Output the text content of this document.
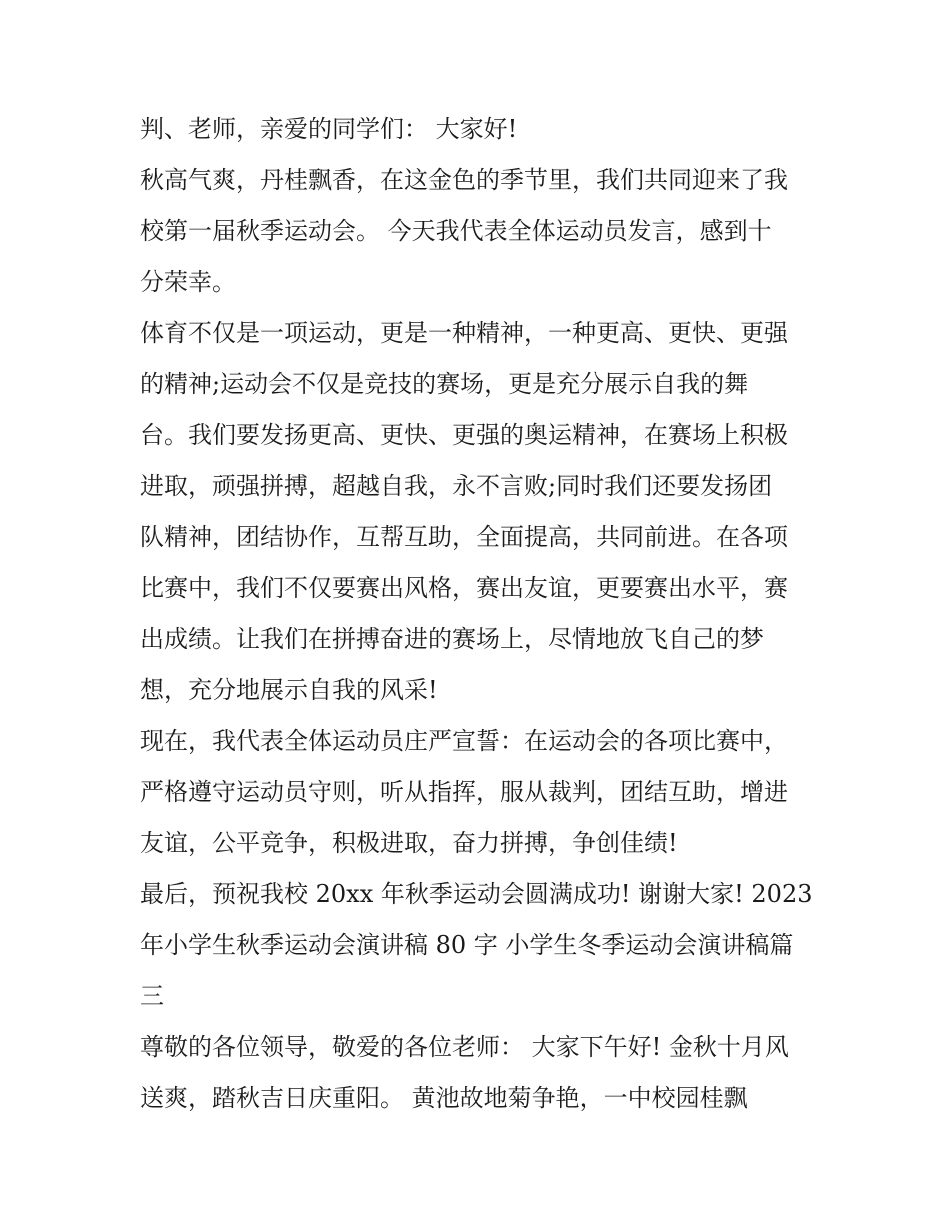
判、老师，亲爱的同学们： 大家好!
秋高气爽，丹桂飘香，在这金色的季节里，我们共同迎来了我
校第一届秋季运动会。 今天我代表全体运动员发言，感到十
分荣幸。
体育不仅是一项运动，更是一种精神，一种更高、更快、更强
的精神;运动会不仅是竞技的赛场，更是充分展示自我的舞
台。我们要发扬更高、更快、更强的奥运精神，在赛场上积极
进取，顽强拼搏，超越自我，永不言败;同时我们还要发扬团
队精神，团结协作，互帮互助，全面提高，共同前进。在各项
比赛中，我们不仅要赛出风格，赛出友谊，更要赛出水平，赛
出成绩。让我们在拼搏奋进的赛场上，尽情地放飞自己的梦
想，充分地展示自我的风采!
现在，我代表全体运动员庄严宣誓：在运动会的各项比赛中，
严格遵守运动员守则，听从指挥，服从裁判，团结互助，增进
友谊，公平竞争，积极进取，奋力拼搏，争创佳绩!
最后，预祝我校 20xx 年秋季运动会圆满成功! 谢谢大家! 2023
年小学生秋季运动会演讲稿 80 字 小学生冬季运动会演讲稿篇
三
尊敬的各位领导，敬爱的各位老师： 大家下午好! 金秋十月风
送爽，踏秋吉日庆重阳。 黄池故地菊争艳，一中校园桂飘
